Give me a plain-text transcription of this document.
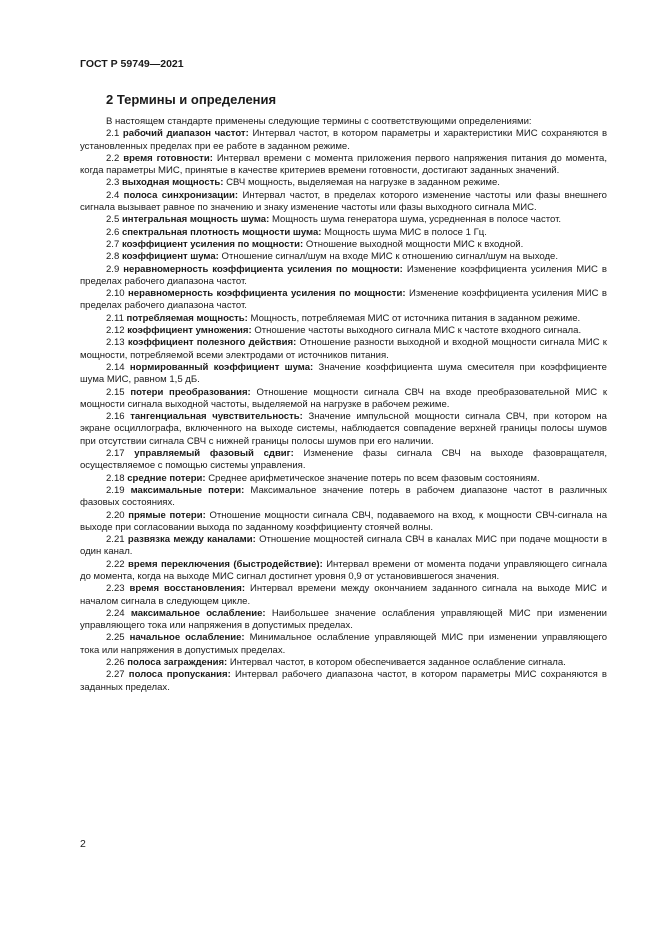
ГОСТ Р 59749—2021
2 Термины и определения

В настоящем стандарте применены следующие термины с соответствующими определениями:

2.1 рабочий диапазон частот: Интервал частот, в котором параметры и характеристики МИС сохраняются в установленных пределах при ее работе в заданном режиме.

2.2 время готовности: Интервал времени с момента приложения первого напряжения питания до момента, когда параметры МИС, принятые в качестве критериев времени готовности, достигают заданных значений.

2.3 выходная мощность: СВЧ мощность, выделяемая на нагрузке в заданном режиме.

2.4 полоса синхронизации: Интервал частот, в пределах которого изменение частоты или фазы внешнего сигнала вызывает равное по значению и знаку изменение частоты или фазы выходного сигнала МИС.

2.5 интегральная мощность шума: Мощность шума генератора шума, усредненная в полосе частот.

2.6 спектральная плотность мощности шума: Мощность шума МИС в полосе 1 Гц.

2.7 коэффициент усиления по мощности: Отношение выходной мощности МИС к входной.

2.8 коэффициент шума: Отношение сигнал/шум на входе МИС к отношению сигнал/шум на выходе.

2.9 неравномерность коэффициента усиления по мощности: Изменение коэффициента усиления МИС в пределах рабочего диапазона частот.

2.10 неравномерность коэффициента усиления по мощности: Изменение коэффициента усиления МИС в пределах рабочего диапазона частот.

2.11 потребляемая мощность: Мощность, потребляемая МИС от источника питания в заданном режиме.

2.12 коэффициент умножения: Отношение частоты выходного сигнала МИС к частоте входного сигнала.

2.13 коэффициент полезного действия: Отношение разности выходной и входной мощности сигнала МИС к мощности, потребляемой всеми электродами от источников питания.

2.14 нормированный коэффициент шума: Значение коэффициента шума смесителя при коэффициенте шума МИС, равном 1,5 дБ.

2.15 потери преобразования: Отношение мощности сигнала СВЧ на входе преобразовательной МИС к мощности сигнала выходной частоты, выделяемой на нагрузке в рабочем режиме.

2.16 тангенциальная чувствительность: Значение импульсной мощности сигнала СВЧ, при котором на экране осциллографа, включенного на выходе системы, наблюдается совпадение верхней границы полосы шумов при отсутствии сигнала СВЧ с нижней границы полосы шумов при его наличии.

2.17 управляемый фазовый сдвиг: Изменение фазы сигнала СВЧ на выходе фазовращателя, осуществляемое с помощью системы управления.

2.18 средние потери: Среднее арифметическое значение потерь по всем фазовым состояниям.

2.19 максимальные потери: Максимальное значение потерь в рабочем диапазоне частот в различных фазовых состояниях.

2.20 прямые потери: Отношение мощности сигнала СВЧ, подаваемого на вход, к мощности СВЧ-сигнала на выходе при согласовании выхода по заданному коэффициенту стоячей волны.

2.21 развязка между каналами: Отношение мощностей сигнала СВЧ в каналах МИС при подаче мощности в один канал.

2.22 время переключения (быстродействие): Интервал времени от момента подачи управляющего сигнала до момента, когда на выходе МИС сигнал достигнет уровня 0,9 от установившегося значения.

2.23 время восстановления: Интервал времени между окончанием заданного сигнала на выходе МИС и началом сигнала в следующем цикле.

2.24 максимальное ослабление: Наибольшее значение ослабления управляющей МИС при изменении управляющего тока или напряжения в допустимых пределах.

2.25 начальное ослабление: Минимальное ослабление управляющей МИС при изменении управляющего тока или напряжения в допустимых пределах.

2.26 полоса заграждения: Интервал частот, в котором обеспечивается заданное ослабление сигнала.

2.27 полоса пропускания: Интервал рабочего диапазона частот, в котором параметры МИС сохраняются в заданных пределах.

2
